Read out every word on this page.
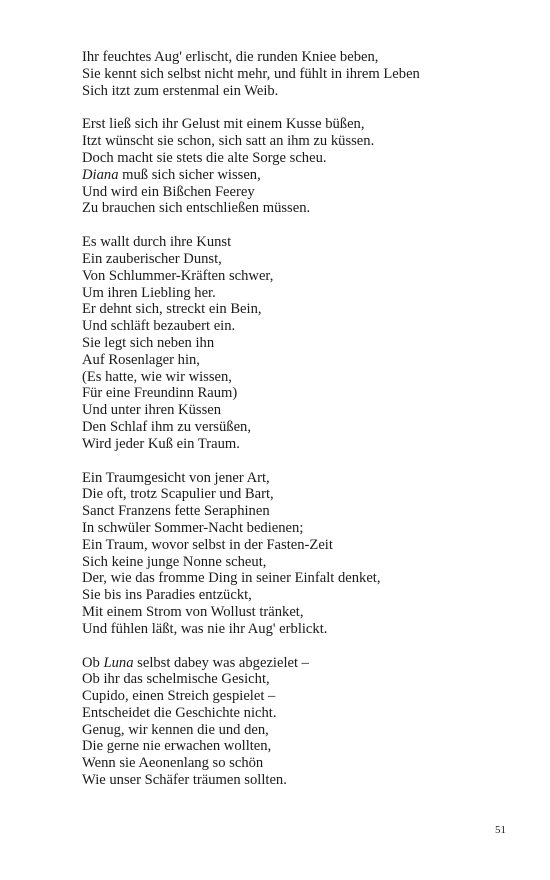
Ihr feuchtes Aug' erlischt, die runden Kniee beben,
Sie kennt sich selbst nicht mehr, und fühlt in ihrem Leben
Sich itzt zum erstenmal ein Weib.
Erst ließ sich ihr Gelust mit einem Kusse büßen,
Itzt wünscht sie schon, sich satt an ihm zu küssen.
Doch macht sie stets die alte Sorge scheu.
Diana muß sich sicher wissen,
Und wird ein Bißchen Feerey
Zu brauchen sich entschließen müssen.
Es wallt durch ihre Kunst
Ein zauberischer Dunst,
Von Schlummer-Kräften schwer,
Um ihren Liebling her.
Er dehnt sich, streckt ein Bein,
Und schläft bezaubert ein.
Sie legt sich neben ihn
Auf Rosenlager hin,
(Es hatte, wie wir wissen,
Für eine Freundinn Raum)
Und unter ihren Küssen
Den Schlaf ihm zu versüßen,
Wird jeder Kuß ein Traum.
Ein Traumgesicht von jener Art,
Die oft, trotz Scapulier und Bart,
Sanct Franzens fette Seraphinen
In schwüler Sommer-Nacht bedienen;
Ein Traum, wovor selbst in der Fasten-Zeit
Sich keine junge Nonne scheut,
Der, wie das fromme Ding in seiner Einfalt denket,
Sie bis ins Paradies entzückt,
Mit einem Strom von Wollust tränket,
Und fühlen läßt, was nie ihr Aug' erblickt.
Ob Luna selbst dabey was abgezielet –
Ob ihr das schelmische Gesicht,
Cupido, einen Streich gespielet –
Entscheidet die Geschichte nicht.
Genug, wir kennen die und den,
Die gerne nie erwachen wollten,
Wenn sie Aeonenlang so schön
Wie unser Schäfer träumen sollten.
51
